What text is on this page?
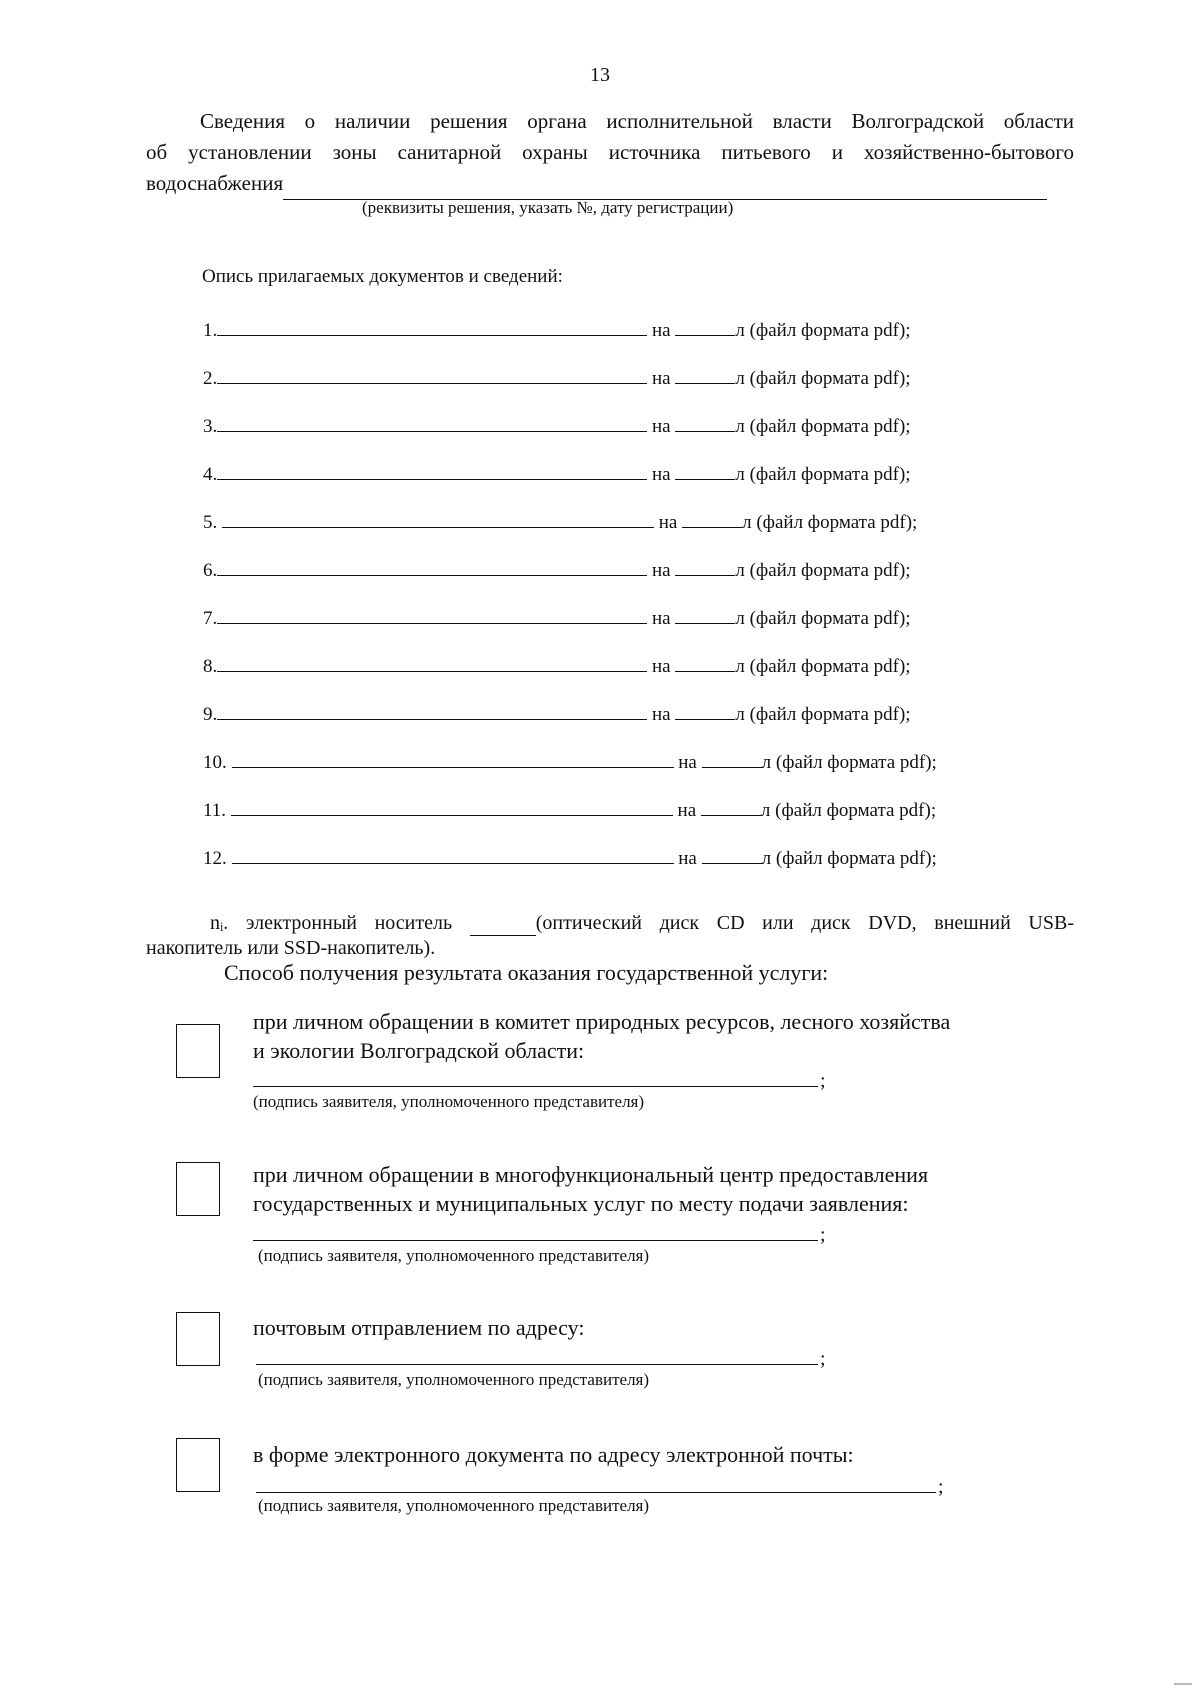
13
Сведения о наличии решения органа исполнительной власти Волгоградской области
об установлении зоны санитарной охраны источника питьевого и хозяйственно-бытового
водоснабжения
(реквизиты решения, указать №, дату регистрации)
Опись прилагаемых документов и сведений:
1.	на	л (файл формата pdf);
2.	на	л (файл формата pdf);
3.	на	л (файл формата pdf);
4.	на	л (файл формата pdf);
5.	на	л (файл формата pdf);
6.	на	л (файл формата pdf);
7.	на	л (файл формата pdf);
8.	на	л (файл формата pdf);
9.	на	л (файл формата pdf);
10.	на	л (файл формата pdf);
11.	на	л (файл формата pdf);
12.	на	л (файл формата pdf);
nᵢ. электронный носитель	(оптический диск CD или диск DVD, внешний USB-
накопитель или SSD-накопитель).
Способ получения результата оказания государственной услуги:
при личном обращении в комитет природных ресурсов, лесного хозяйства
и экологии Волгоградской области:
;
(подпись заявителя, уполномоченного представителя)
при личном обращении в многофункциональный центр предоставления
государственных и муниципальных услуг по месту подачи заявления:
;
(подпись заявителя, уполномоченного представителя)
почтовым отправлением по адресу:
;
(подпись заявителя, уполномоченного представителя)
в форме электронного документа по адресу электронной почты:
;
(подпись заявителя, уполномоченного представителя)
